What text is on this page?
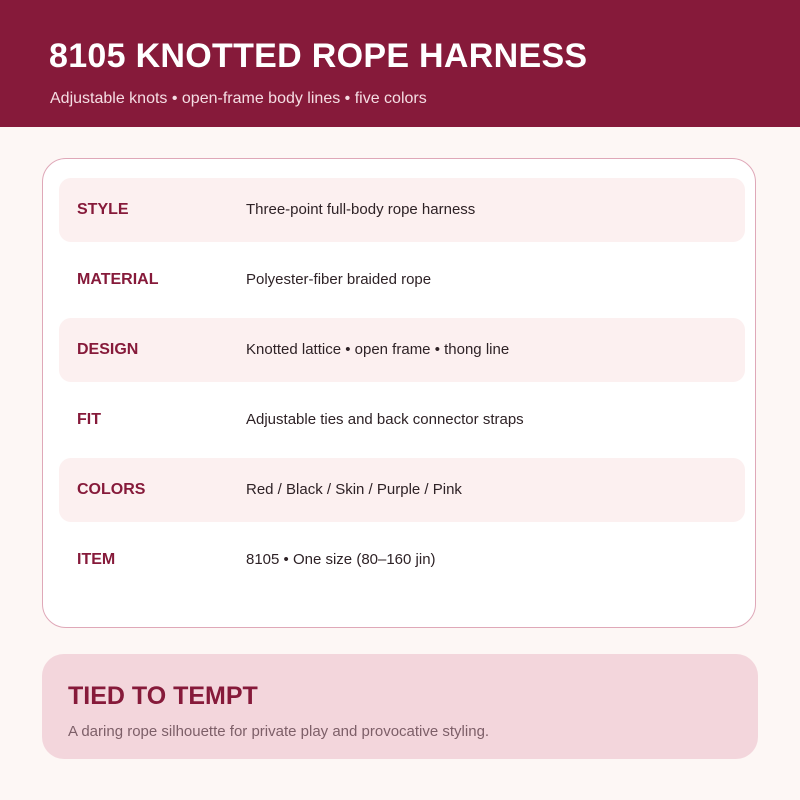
8105 KNOTTED ROPE HARNESS
Adjustable knots • open-frame body lines • five colors
STYLE	Three-point full-body rope harness
MATERIAL	Polyester-fiber braided rope
DESIGN	Knotted lattice • open frame • thong line
FIT	Adjustable ties and back connector straps
COLORS	Red / Black / Skin / Purple / Pink
ITEM	8105 • One size (80–160 jin)
TIED TO TEMPT
A daring rope silhouette for private play and provocative styling.
